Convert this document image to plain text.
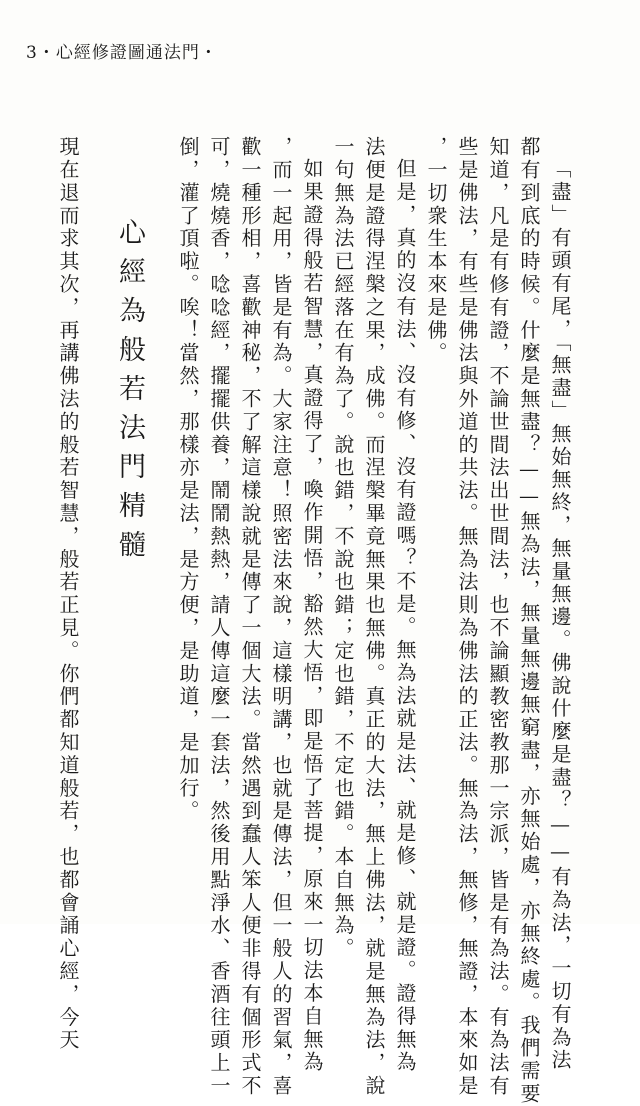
3・心經修證圖通法門・
「盡」有頭有尾，「無盡」無始無終，無量無邊。佛說什麼是盡？——有為法，一切有為法
都有到底的時候。什麼是無盡？——無為法，無量無邊無窮盡，亦無始處，亦無終處。我們需要
知道，凡是有修有證，不論世間法出世間法，也不論顯教密教那一宗派，皆是有為法。有為法有
些是佛法，有些是佛法與外道的共法。無為法則為佛法的正法。無為法，無修，無證，本來如是
，一切衆生本來是佛。
但是，真的沒有法、沒有修、沒有證嗎？不是。無為法就是法、就是修、就是證。證得無為
法便是證得涅槃之果，成佛。而涅槃畢竟無果也無佛。真正的大法，無上佛法，就是無為法，說
一句無為法已經落在有為了。說也錯，不說也錯；定也錯，不定也錯。本自無為。
如果證得般若智慧，真證得了，喚作開悟，豁然大悟，即是悟了菩提，原來一切法本自無為
，而一起用，皆是有為。大家注意！照密法來說，這樣明講，也就是傳法，但一般人的習氣，喜
歡一種形相，喜歡神秘，不了解這樣說就是傳了一個大法。當然遇到蠢人笨人便非得有個形式不
可，燒燒香，唸唸經，擺擺供養，鬧鬧熱熱，請人傳這麼一套法，然後用點淨水、香酒往頭上一
倒，灌了頂啦。唉！當然，那樣亦是法，是方便，是助道，是加行。
心經為般若法門精髓
現在退而求其次，再講佛法的般若智慧，般若正見。你們都知道般若，也都會誦心經，今天
